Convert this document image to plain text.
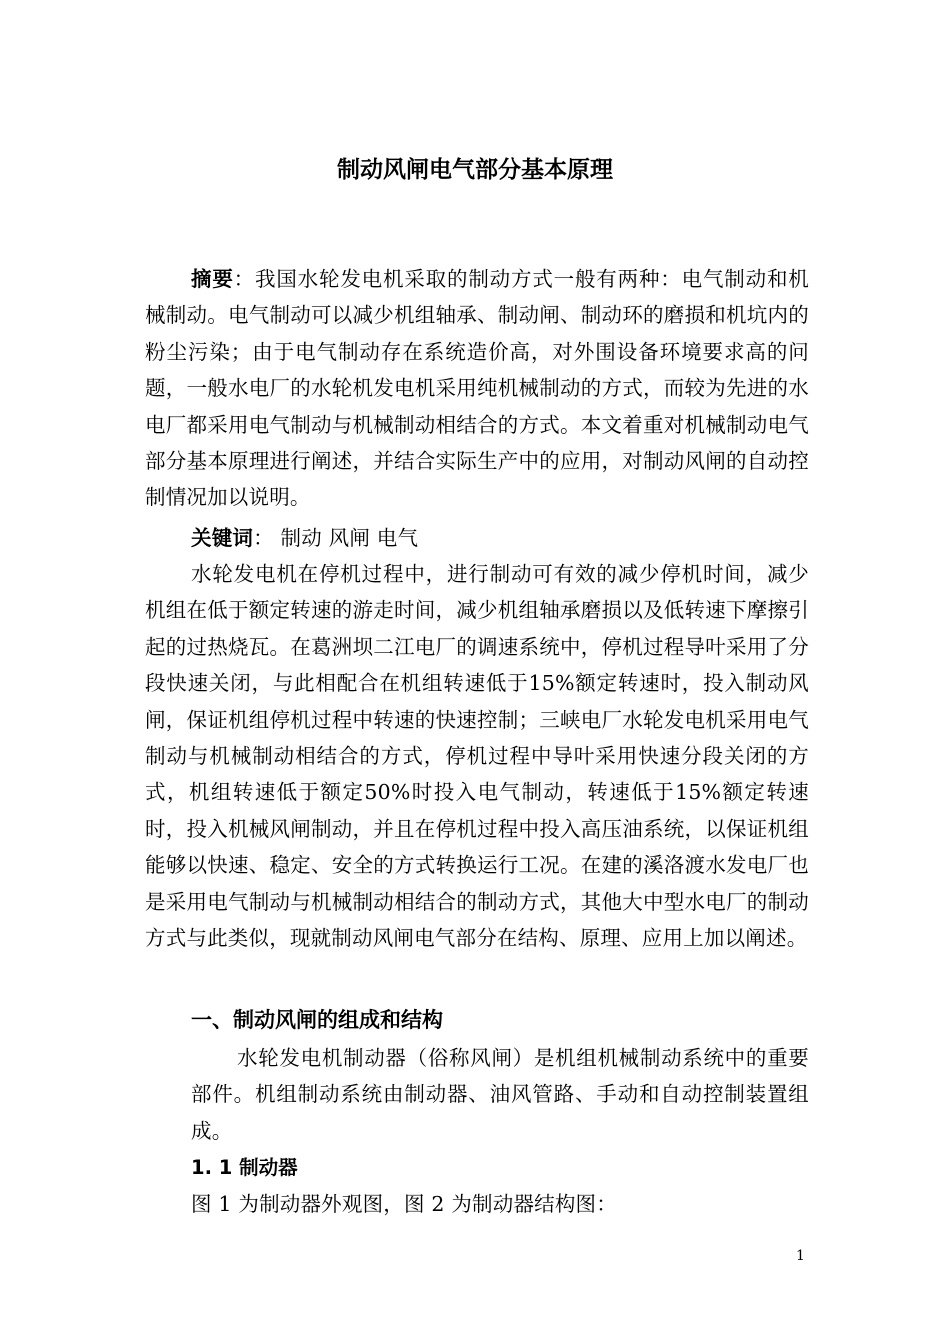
制动风闸电气部分基本原理

摘要：我国水轮发电机采取的制动方式一般有两种：电气制动和机械制动。电气制动可以减少机组轴承、制动闸、制动环的磨损和机坑内的粉尘污染；由于电气制动存在系统造价高，对外围设备环境要求高的问题，一般水电厂的水轮机发电机采用纯机械制动的方式，而较为先进的水电厂都采用电气制动与机械制动相结合的方式。本文着重对机械制动电气部分基本原理进行阐述，并结合实际生产中的应用，对制动风闸的自动控制情况加以说明。

关键词： 制动 风闸 电气

水轮发电机在停机过程中，进行制动可有效的减少停机时间，减少机组在低于额定转速的游走时间，减少机组轴承磨损以及低转速下摩擦引起的过热烧瓦。在葛洲坝二江电厂的调速系统中，停机过程导叶采用了分段快速关闭，与此相配合在机组转速低于15%额定转速时，投入制动风闸，保证机组停机过程中转速的快速控制；三峡电厂水轮发电机采用电气制动与机械制动相结合的方式，停机过程中导叶采用快速分段关闭的方式，机组转速低于额定50%时投入电气制动，转速低于15%额定转速时，投入机械风闸制动，并且在停机过程中投入高压油系统，以保证机组能够以快速、稳定、安全的方式转换运行工况。在建的溪洛渡水发电厂也是采用电气制动与机械制动相结合的制动方式，其他大中型水电厂的制动方式与此类似，现就制动风闸电气部分在结构、原理、应用上加以阐述。

一、制动风闸的组成和结构

水轮发电机制动器（俗称风闸）是机组机械制动系统中的重要部件。机组制动系统由制动器、油风管路、手动和自动控制装置组成。

1. 1 制动器

图 1 为制动器外观图，图 2 为制动器结构图：

1
